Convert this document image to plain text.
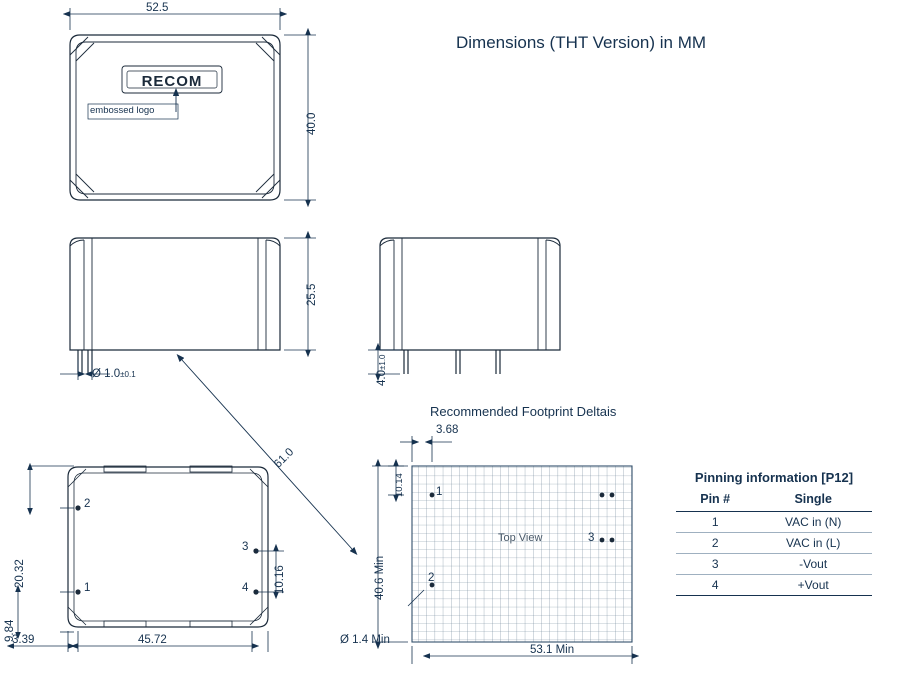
RECOM
Dimensions (THT Version) in MM
52.5
40.0
embossed logo
25.5
Ø 1.0±0.1	4.0±1.0
61.0
20.32
9.84
10.16
3.39	45.72
Recommended Footprint Deltais
3.68
10.14
40.6 Min
53.1 Min
Ø 1.4 Min
Top View
2
1
3
4
1
2
3
Pinning information [P12]
Pin #	Single
1	VAC in (N)
2	VAC in (L)
3	-Vout
4	+Vout
